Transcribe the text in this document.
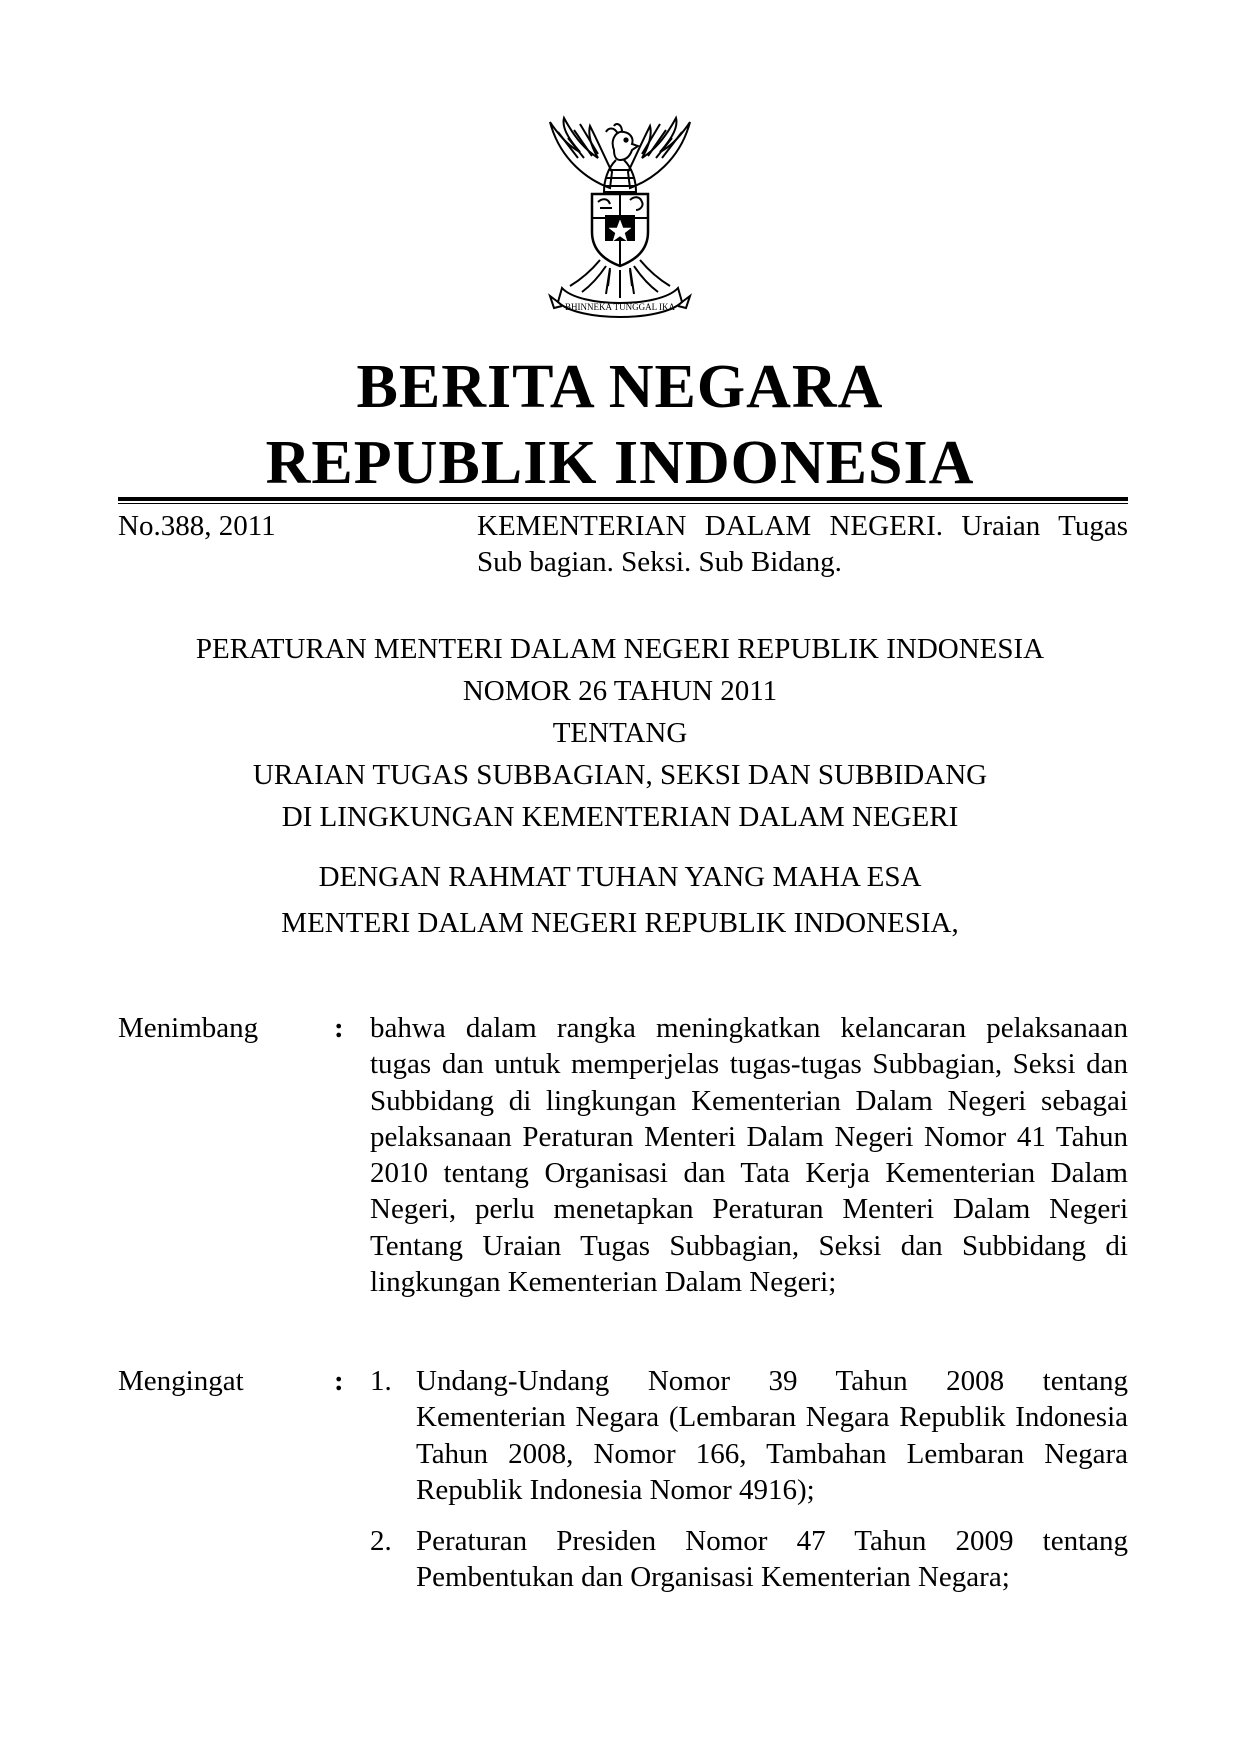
BHINNEKA TUNGGAL IKA
BERITA NEGARA
REPUBLIK INDONESIA
No.388, 2011	KEMENTERIAN DALAM NEGERI. Uraian Tugas Sub bagian. Seksi. Sub Bidang.
PERATURAN MENTERI DALAM NEGERI REPUBLIK INDONESIA
NOMOR 26 TAHUN 2011
TENTANG
URAIAN TUGAS SUBBAGIAN, SEKSI DAN SUBBIDANG
DI LINGKUNGAN KEMENTERIAN DALAM NEGERI
DENGAN RAHMAT TUHAN YANG MAHA ESA
MENTERI DALAM NEGERI REPUBLIK INDONESIA,
Menimbang	: bahwa dalam rangka meningkatkan kelancaran pelaksanaan tugas dan untuk memperjelas tugas-tugas Subbagian, Seksi dan Subbidang di lingkungan Kementerian Dalam Negeri sebagai pelaksanaan Peraturan Menteri Dalam Negeri Nomor 41 Tahun 2010 tentang Organisasi dan Tata Kerja Kementerian Dalam Negeri, perlu menetapkan Peraturan Menteri Dalam Negeri Tentang Uraian Tugas Subbagian, Seksi dan Subbidang di lingkungan Kementerian Dalam Negeri;
Mengingat	: 1. Undang-Undang Nomor 39 Tahun 2008 tentang Kementerian Negara (Lembaran Negara Republik Indonesia Tahun 2008, Nomor 166, Tambahan Lembaran Negara Republik Indonesia Nomor 4916);
2. Peraturan Presiden Nomor 47 Tahun 2009 tentang Pembentukan dan Organisasi Kementerian Negara;
